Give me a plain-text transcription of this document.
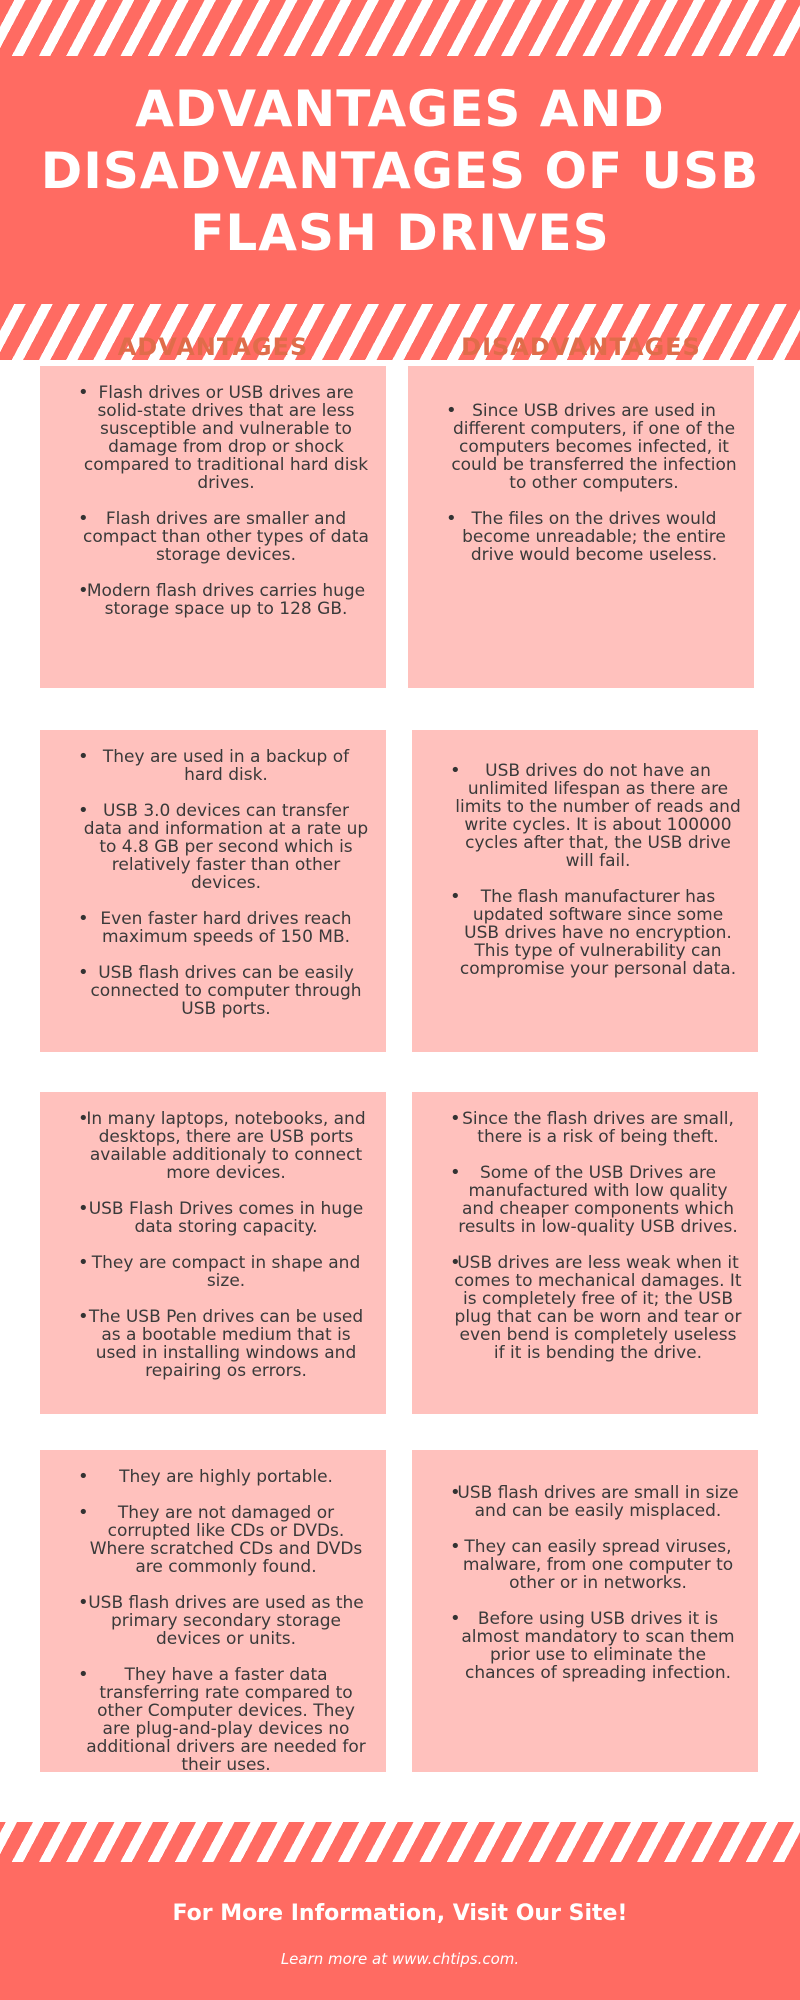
ADVANTAGES AND DISADVANTAGES OF USB FLASH DRIVES
ADVANTAGES	DISADVANTAGES
• Flash drives or USB drives are solid-state drives that are less susceptible and vulnerable to damage from drop or shock compared to traditional hard disk drives.
• Flash drives are smaller and compact than other types of data storage devices.
• Modern flash drives carries huge storage space up to 128 GB.
• Since USB drives are used in different computers, if one of the computers becomes infected, it could be transferred the infection to other computers.
• The files on the drives would become unreadable; the entire drive would become useless.
• They are used in a backup of hard disk.
• USB 3.0 devices can transfer data and information at a rate up to 4.8 GB per second which is relatively faster than other devices.
• Even faster hard drives reach maximum speeds of 150 MB.
• USB flash drives can be easily connected to computer through USB ports.
• USB drives do not have an unlimited lifespan as there are limits to the number of reads and write cycles. It is about 100000 cycles after that, the USB drive will fail.
• The flash manufacturer has updated software since some USB drives have no encryption. This type of vulnerability can compromise your personal data.
• In many laptops, notebooks, and desktops, there are USB ports available additionaly to connect more devices.
• USB Flash Drives comes in huge data storing capacity.
• They are compact in shape and size.
• The USB Pen drives can be used as a bootable medium that is used in installing windows and repairing os errors.
• Since the flash drives are small, there is a risk of being theft.
• Some of the USB Drives are manufactured with low quality and cheaper components which results in low-quality USB drives.
• USB drives are less weak when it comes to mechanical damages. It is completely free of it; the USB plug that can be worn and tear or even bend is completely useless if it is bending the drive.
• They are highly portable.
• They are not damaged or corrupted like CDs or DVDs. Where scratched CDs and DVDs are commonly found.
• USB flash drives are used as the primary secondary storage devices or units.
• They have a faster data transferring rate compared to other Computer devices. They are plug-and-play devices no additional drivers are needed for their uses.
• USB flash drives are small in size and can be easily misplaced.
• They can easily spread viruses, malware, from one computer to other or in networks.
• Before using USB drives it is almost mandatory to scan them prior use to eliminate the chances of spreading infection.

For More Information, Visit Our Site!

Learn more at www.chtips.com.
